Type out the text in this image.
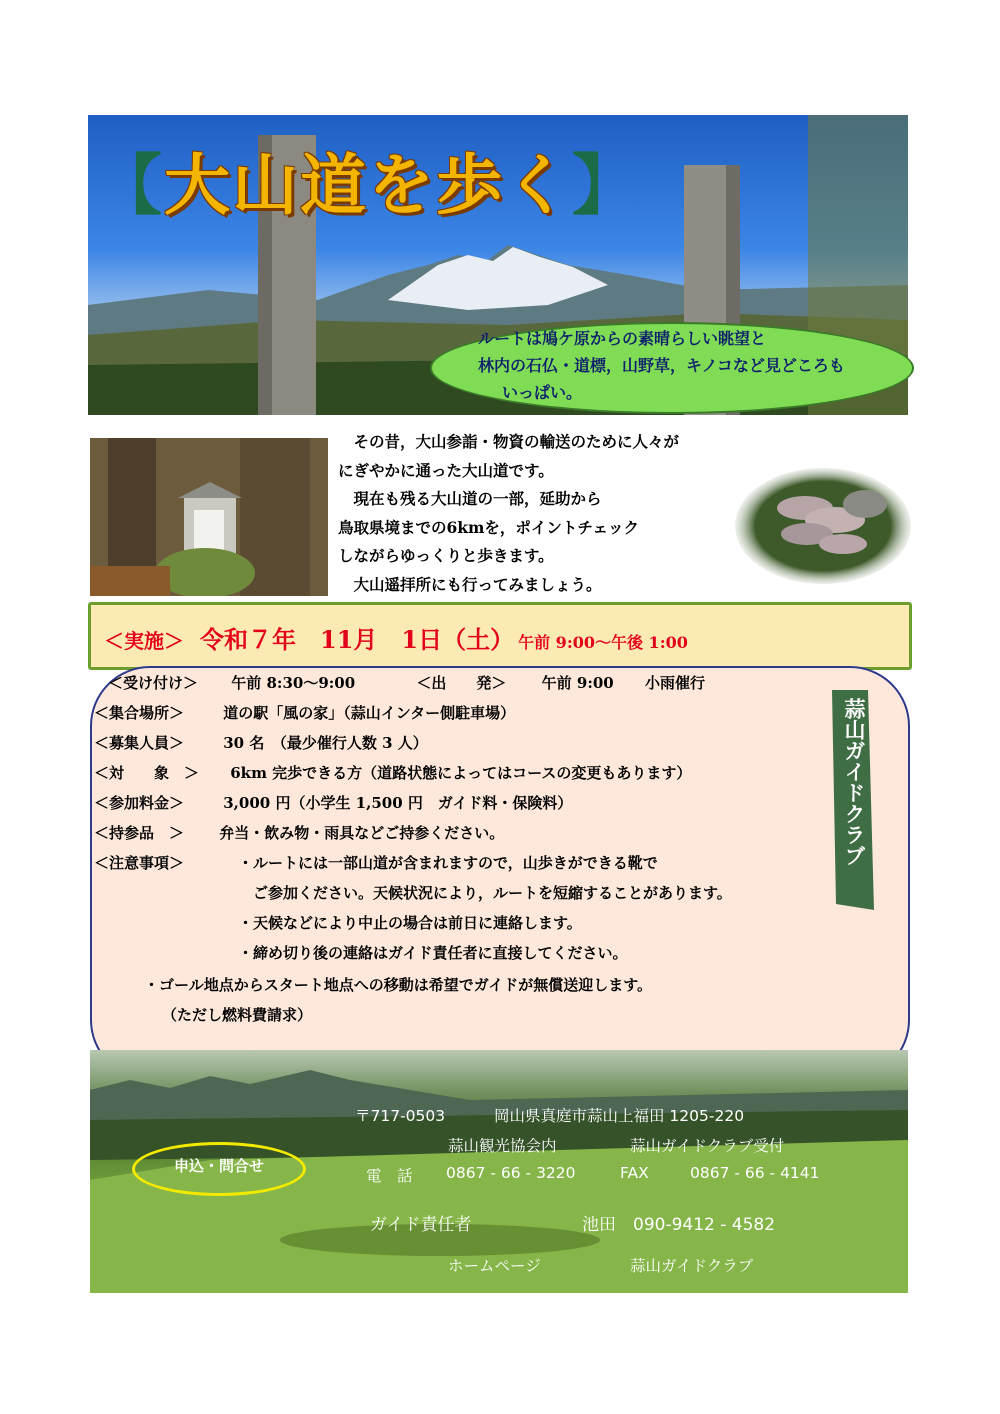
【大山道を歩く】
ルートは鳩ケ原からの素晴らしい眺望と
林内の石仏・道標，山野草，キノコなど見どころも
いっぱい。

　その昔，大山参詣・物資の輸送のために人々が

にぎやかに通った大山道です。

　現在も残る大山道の一部，延助から

鳥取県境までの6kmを，ポイントチェック

しながらゆっくりと歩きます。

　大山遥拝所にも行ってみましょう。

＜実施＞ 令和７年　11月　1日（土） 午前 9:00～午後 1:00
＜受け付け＞ 午前 8:30～9:00	＜出　　発＞ 午前 9:00 小雨催行
＜集合場所＞	道の駅「風の家」（蒜山インター側駐車場）
＜募集人員＞	30 名　（最少催行人数 3 人）
＜対　　象　＞ 6km 完歩できる方（道路状態によってはコースの変更もあります）
＜参加料金＞	3,000 円（小学生 1,500 円　ガイド料・保険料）
＜持参品　＞ 弁当・飲み物・雨具などご持参ください。
＜注意事項＞	・ルートには一部山道が含まれますので，山歩きができる靴で
　ご参加ください。天候状況により，ルートを短縮することがあります。
・天候などにより中止の場合は前日に連絡します。
・締め切り後の連絡はガイド責任者に直接してください。
・ゴール地点からスタート地点への移動は希望でガイドが無償送迎します。
（ただし燃料費請求）
蒜山ガイドクラブ
申込・問合せ
〒717-0503	岡山県真庭市蒜山上福田 1205-220
蒜山観光協会内	蒜山ガイドクラブ受付
電　話 0867 - 66 - 3220	FAX	0867 - 66 - 4141
ガイド責任者	池田　090-9412 - 4582
ホームページ	蒜山ガイドクラブ
